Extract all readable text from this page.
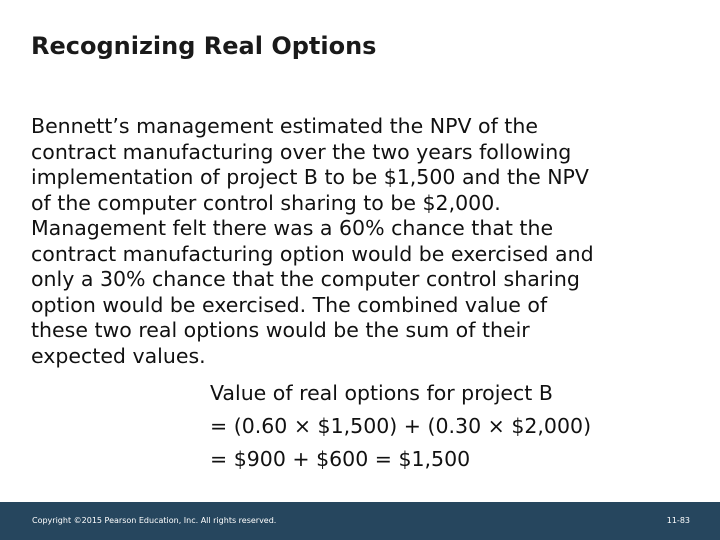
Recognizing Real Options
Bennett’s management estimated the NPV of the
contract manufacturing over the two years following
implementation of project B to be $1,500 and the NPV
of the computer control sharing to be $2,000.
Management felt there was a 60% chance that the
contract manufacturing option would be exercised and
only a 30% chance that the computer control sharing
option would be exercised. The combined value of
these two real options would be the sum of their
expected values.
Value of real options for project B
= (0.60 × $1,500) + (0.30 × $2,000)
= $900 + $600 = $1,500
Copyright ©2015 Pearson Education, Inc. All rights reserved.	11-83
